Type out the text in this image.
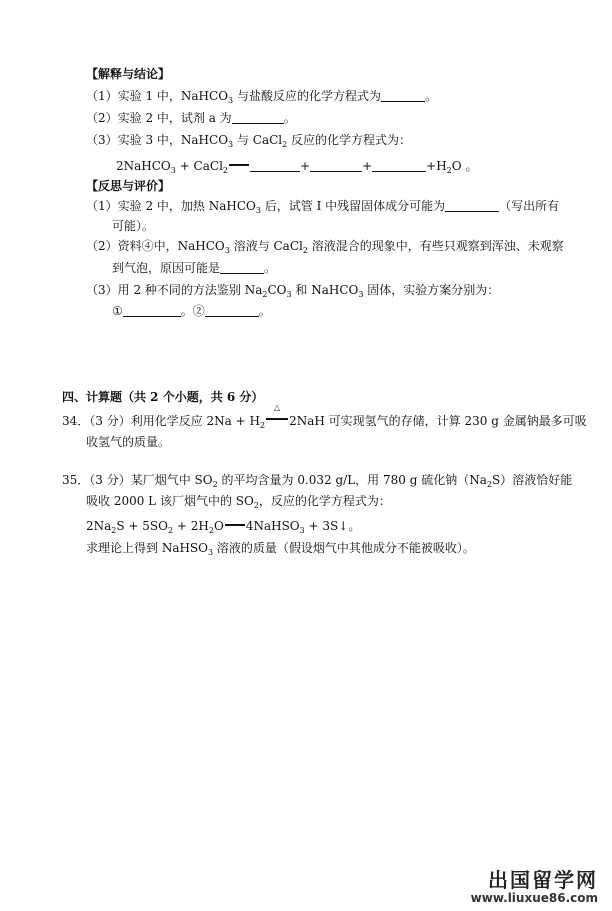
【解释与结论】
（1）实验 1 中，NaHCO$_3$ 与盐酸反应的化学方程式为	。
（2）实验 2 中，试剂 a 为	。
（3）实验 3 中，NaHCO$_3$ 与 CaCl$_2$ 反应的化学方程式为：
2NaHCO$_3$ + CaCl$_2$	+	+	$+H_2O$ 。
【反思与评价】
（1）实验 2 中，加热 NaHCO$_3$ 后，试管 I 中残留固体成分可能为	（写出所有
可能）。
（2）资料④中，NaHCO$_3$ 溶液与 CaCl$_2$ 溶液混合的现象中，有些只观察到浑浊、未观察
到气泡，原因可能是	。
（3）用 2 种不同的方法鉴别 $Na_2CO_3$ 和 NaHCO$_3$ 固体，实验方案分别为：
①	。②	。
四、计算题（共 2 个小题，共 6 分）
34．（3 分）利用化学反应 $2Na + H_2$
△
2NaH 可实现氢气的存储，计算 230 g 金属钠最多可吸
收氢气的质量。
35．（3 分）某厂烟气中 $SO_2$ 的平均含量为 0.032 g/L，用 780 g 硫化钠$(Na_2S)$溶液恰好能
吸收 2000 L 该厂烟气中的 $SO_2$，反应的化学方程式为：
$2Na_2S + 5SO_2 + 2H_2O$ 4NaHSO$_3$ + 3S↓。
求理论上得到 NaHSO$_3$ 溶液的质量（假设烟气中其他成分不能被吸收）。
出国留学网
www.liuxue86.com
